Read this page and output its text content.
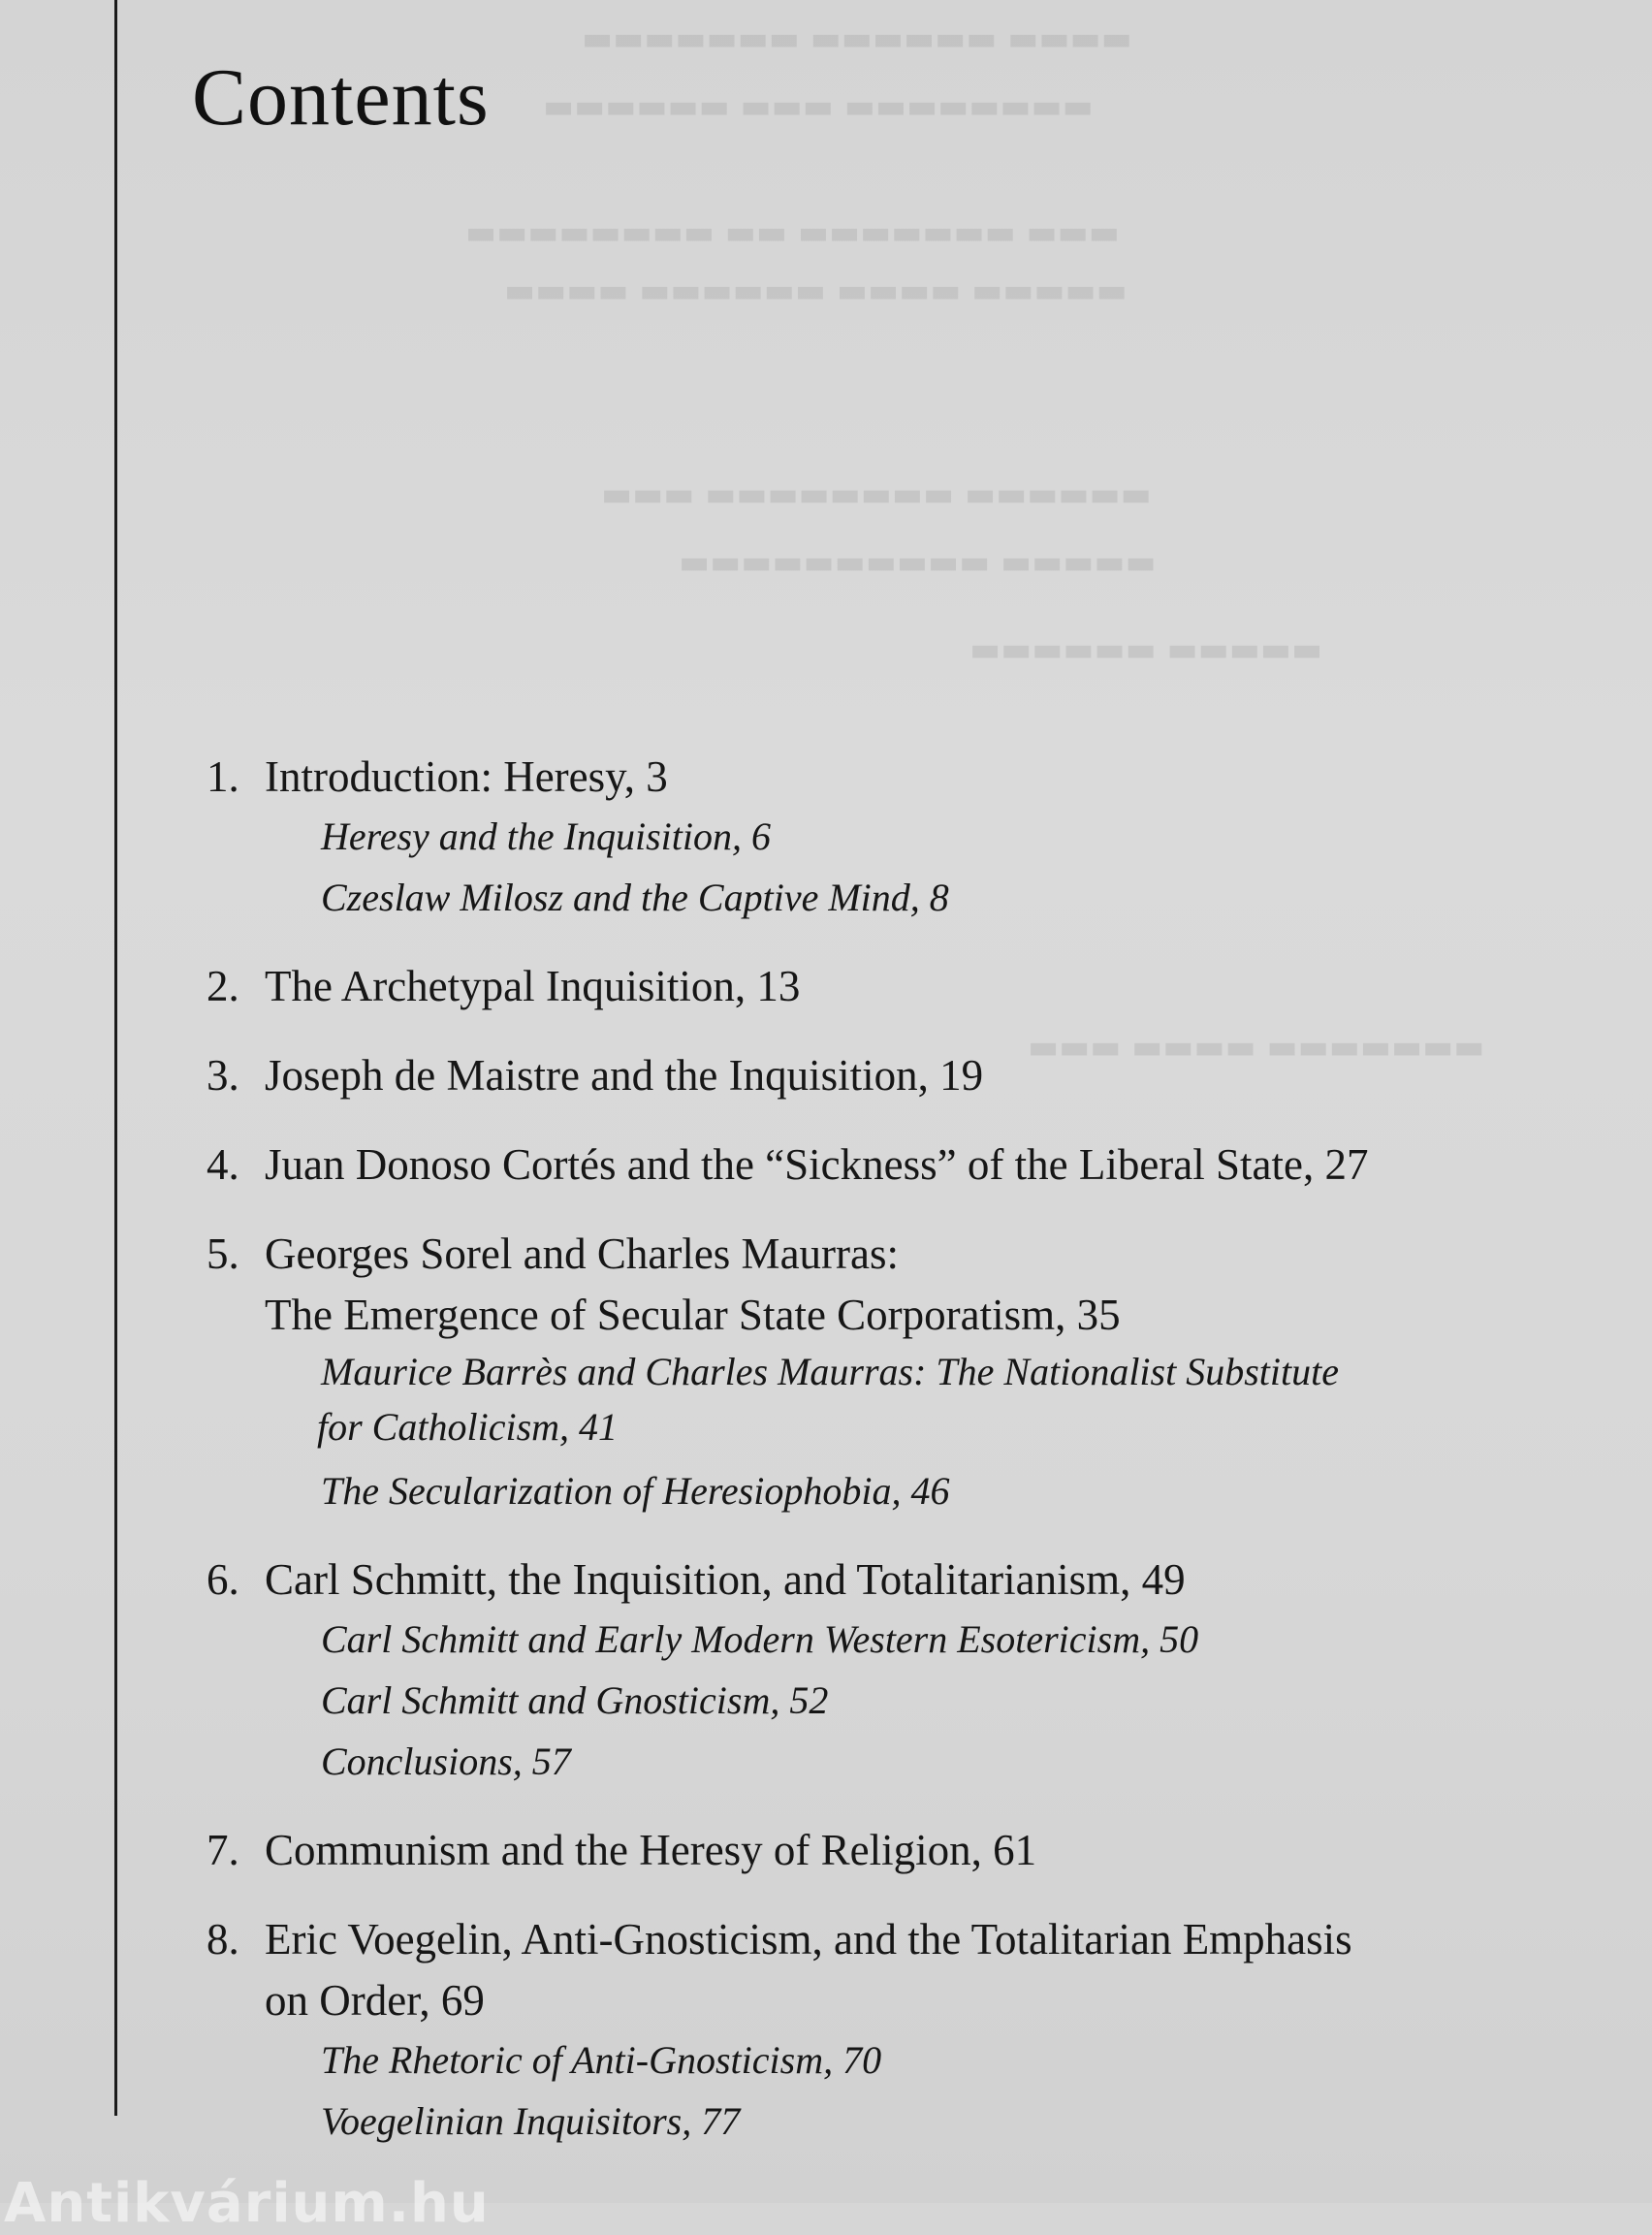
▬▬▬▬ ▬▬▬▬▬▬ ▬▬▬▬▬▬▬
▬▬▬▬▬▬▬▬ ▬▬▬ ▬▬▬▬▬▬
▬▬▬ ▬▬▬▬▬▬▬ ▬▬ ▬▬▬▬▬▬▬▬
▬▬▬▬▬ ▬▬▬▬ ▬▬▬▬▬▬ ▬▬▬▬
▬▬▬▬▬▬ ▬▬▬▬▬▬▬▬ ▬▬▬
▬▬▬▬▬ ▬▬▬▬▬▬▬▬▬▬
▬▬▬▬▬ ▬▬▬▬▬▬
▬▬▬▬▬▬▬ ▬▬▬▬ ▬▬▬
Contents
1. Introduction: Heresy, 3
Heresy and the Inquisition, 6
Czeslaw Milosz and the Captive Mind, 8
2. The Archetypal Inquisition, 13
3. Joseph de Maistre and the Inquisition, 19
4. Juan Donoso Cortés and the “Sickness” of the Liberal State, 27
5. Georges Sorel and Charles Maurras:
The Emergence of Secular State Corporatism, 35
Maurice Barrès and Charles Maurras: The Nationalist Substitute
for Catholicism, 41
The Secularization of Heresiophobia, 46
6. Carl Schmitt, the Inquisition, and Totalitarianism, 49
Carl Schmitt and Early Modern Western Esotericism, 50
Carl Schmitt and Gnosticism, 52
Conclusions, 57
7. Communism and the Heresy of Religion, 61
8. Eric Voegelin, Anti-Gnosticism, and the Totalitarian Emphasis
on Order, 69
The Rhetoric of Anti-Gnosticism, 70
Voegelinian Inquisitors, 77
Antikvárium.hu
